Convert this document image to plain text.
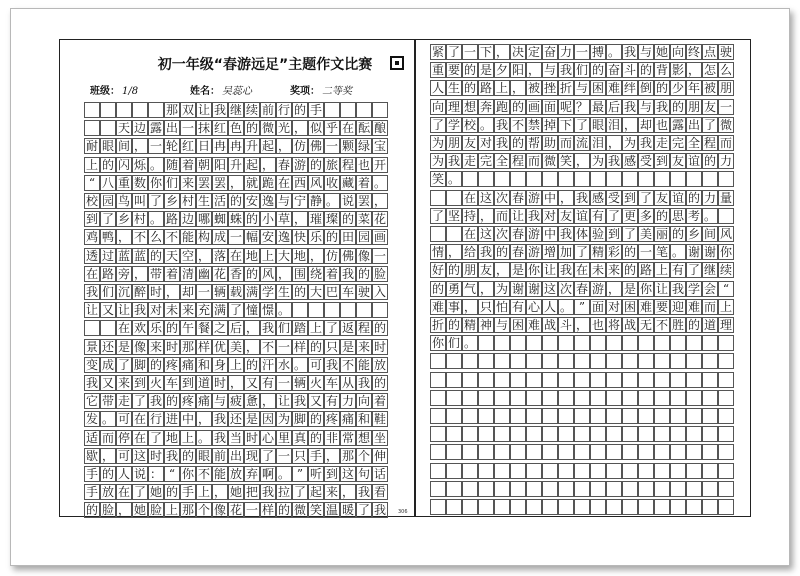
初一年级“春游远足”主题作文比赛
班级： 1/8	姓名： 吴蕊心	奖项： 二等奖
那 双 让 我 继 续 前 行 的 手
天 边 露 出 一 抹 红 色 的 微 光 ， 似 乎 在 酝 酿
耐 眼 间 ， 一 轮 红 日 冉 冉 升 起 ， 仿 佛 一 颗 绿 宝
上 的 闪 烁 。 随 着 朝 阳 升 起 ， 春 游 的 旅 程 也 开
“ 八 重 数 你 们 来 罢 罢 ， 就 跪 在 西 风 收 藏 着 。
校 园 鸟 叫 了 乡 村 生 活 的 安 逸 与 宁 静 。 说 罢 ，
到 了 乡 村 。 路 边 哪 蜘 蛛 的 小 草 ， 璀 璨 的 菜 花
鸡 鸭 ， 不 么 不 能 构 成 一 幅 安 逸 快 乐 的 田 园 画
透 过 蓝 蓝 的 天 空 ， 落 在 地 上 大 地 ， 仿 佛 像 一
在 路 旁 ， 带 着 清 幽 花 香 的 风 ， 围 绕 着 我 的 脸
我 们 沉 醉 时 ， 却 一 辆 载 满 学 生 的 大 巴 车 驶 入
让 又 让 我 对 未 来 充 满 了 憧 憬 。
在 欢 乐 的 午 餐 之 后 ， 我 们 踏 上 了 返 程 的
景 还 是 像 来 时 那 样 优 美 ， 不 一 样 的 只 是 来 时
变 成 了 脚 的 疼 痛 和 身 上 的 汗 水 。 可 我 不 能 放
我 又 来 到 火 车 到 道 时 ， 又 有 一 辆 火 车 从 我 的
它 带 走 了 我 的 疼 痛 与 疲 惫 ， 让 我 又 有 力 向 着
发 。 可 在 行 进 中 ， 我 还 是 因 为 脚 的 疼 痛 和 鞋
适 而 停 在 了 地 上 。 我 当 时 心 里 真 的 非 常 想 坐
歇 ， 可 这 时 我 的 眼 前 出 现 了 一 只 手 ， 那 个 伸
手 的 人 说 ： “ 你 不 能 放 弃 啊 。 ” 听 到 这 句 话
手 放 在 了 她 的 手 上 ， 她 把 我 拉 了 起 来 ， 我 看
的 脸 ， 她 脸 上 那 个 像 花 一 样 的 微 笑 温 暖 了 我	306
紧 了 一 下 ， 决 定 奋 力 一 搏 。 我 与 她 向 终 点 驶
重 要 的 是 夕 阳 ， 与 我 们 的 奋 斗 的 背 影 ， 怎 么
人 生 的 路 上 ， 被 挫 折 与 困 难 绊 倒 的 少 年 被 朋
向 理 想 奔 跑 的 画 面 呢 ？ 最 后 我 与 我 的 朋 友 一
了 学 校 。 我 不 禁 掉 下 了 眼 泪 ， 却 也 露 出 了 微
为 朋 友 对 我 的 帮 助 而 流 泪 ， 为 我 走 完 全 程 而
为 我 走 完 全 程 而 微 笑 ， 为 我 感 受 到 友 谊 的 力
笑 。
在 这 次 春 游 中 ， 我 感 受 到 了 友 谊 的 力 量
了 坚 持 ， 而 让 我 对 友 谊 有 了 更 多 的 思 考 。
在 这 次 春 游 中 我 体 验 到 了 美 丽 的 乡 间 风
情 ， 给 我 的 春 游 增 加 了 精 彩 的 一 笔 。 谢 谢 你
好 的 朋 友 ， 是 你 让 我 在 未 来 的 路 上 有 了 继 续
的 勇 气 ， 为 谢 谢 这 次 春 游 ， 是 你 让 我 学 会 “
难 事 ， 只 怕 有 心 人 。 ” 面 对 困 难 要 迎 难 而 上
折 的 精 神 与 困 难 战 斗 ， 也 将 战 无 不 胜 的 道 理
你 们 。
